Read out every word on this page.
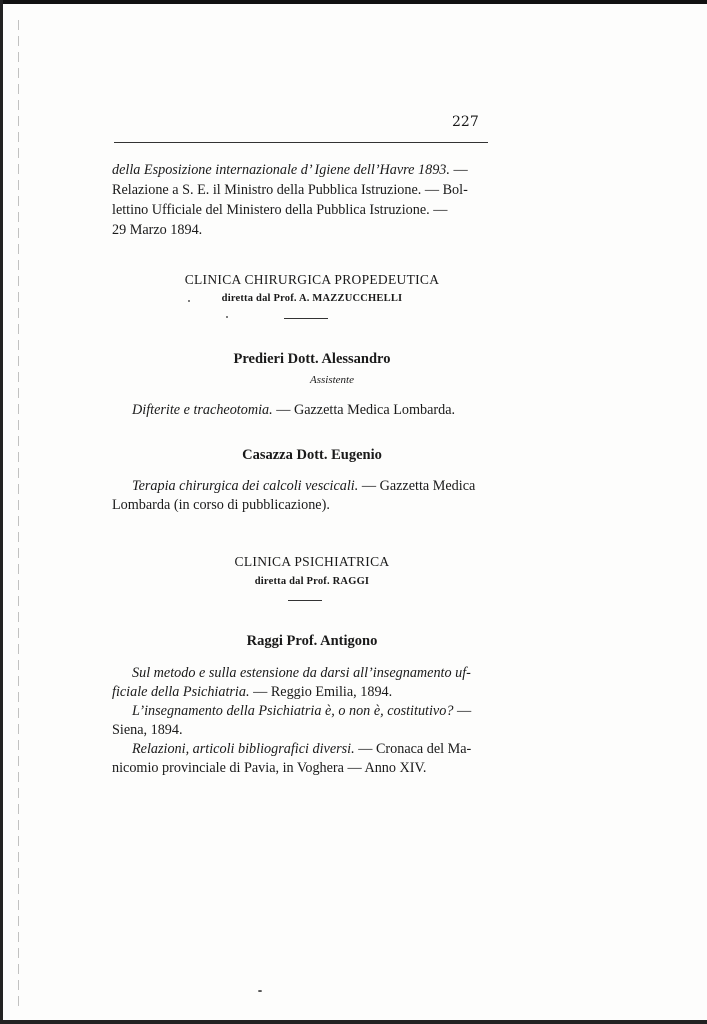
227
della Esposizione internazionale d’ Igiene dell’Havre 1893. —
Relazione a S. E. il Ministro della Pubblica Istruzione. — Bol-
lettino Ufficiale del Ministero della Pubblica Istruzione. —
29 Marzo 1894.
CLINICA CHIRURGICA PROPEDEUTICA
diretta dal Prof. A. MAZZUCCHELLI
Predieri Dott. Alessandro
Assistente
Difterite e tracheotomia. — Gazzetta Medica Lombarda.
Casazza Dott. Eugenio
Terapia chirurgica dei calcoli vescicali. — Gazzetta Medica
Lombarda (in corso di pubblicazione).
CLINICA PSICHIATRICA
diretta dal Prof. RAGGI
Raggi Prof. Antigono
Sul metodo e sulla estensione da darsi all’insegnamento uf-
ficiale della Psichiatria. — Reggio Emilia, 1894.
L’insegnamento della Psichiatria è, o non è, costitutivo? —
Siena, 1894.
Relazioni, articoli bibliografici diversi. — Cronaca del Ma-
nicomio provinciale di Pavia, in Voghera — Anno XIV.
